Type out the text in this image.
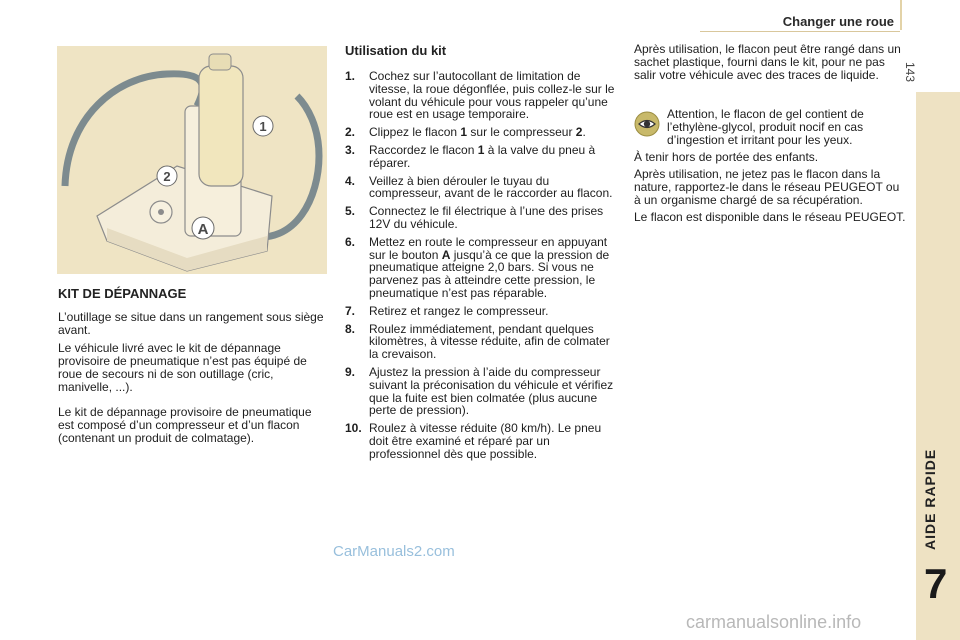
Changer une roue
143
AIDE RAPIDE
7
1
2
A
KIT DE DÉPANNAGE

L’outillage se situe dans un rangement sous siège avant.

Le véhicule livré avec le kit de dépannage provisoire de pneumatique n’est pas équipé de roue de secours ni de son outillage (cric, manivelle, ...).

Le kit de dépannage provisoire de pneumatique est composé d’un compresseur et d’un flacon (contenant un produit de colmatage).

Utilisation du kit
1. Cochez sur l’autocollant de limitation de vitesse, la roue dégonflée, puis collez-le sur le volant du véhicule pour vous rappeler qu’une roue est en usage temporaire.
2. Clippez le flacon 1 sur le compresseur 2.
3. Raccordez le flacon 1 à la valve du pneu à réparer.
4. Veillez à bien dérouler le tuyau du compresseur, avant de le raccorder au flacon.
5. Connectez le fil électrique à l’une des prises 12V du véhicule.
6. Mettez en route le compresseur en appuyant sur le bouton A jusqu’à ce que la pression de pneumatique atteigne 2,0 bars. Si vous ne parvenez pas à atteindre cette pression, le pneumatique n’est pas réparable.
7. Retirez et rangez le compresseur.
8. Roulez immédiatement, pendant quelques kilomètres, à vitesse réduite, afin de colmater la crevaison.
9. Ajustez la pression à l’aide du compresseur suivant la préconisation du véhicule et vérifiez que la fuite est bien colmatée (plus aucune perte de pression).
10. Roulez à vitesse réduite (80 km/h). Le pneu doit être examiné et réparé par un professionnel dès que possible.

Après utilisation, le flacon peut être rangé dans un sachet plastique, fourni dans le kit, pour ne pas salir votre véhicule avec des traces de liquide.

Attention, le flacon de gel contient de l’ethylène-glycol, produit nocif en cas d’ingestion et irritant pour les yeux.

À tenir hors de portée des enfants.

Après utilisation, ne jetez pas le flacon dans la nature, rapportez-le dans le réseau PEUGEOT ou à un organisme chargé de sa récupération.

Le flacon est disponible dans le réseau PEUGEOT.

CarManuals2.com
carmanualsonline.info
